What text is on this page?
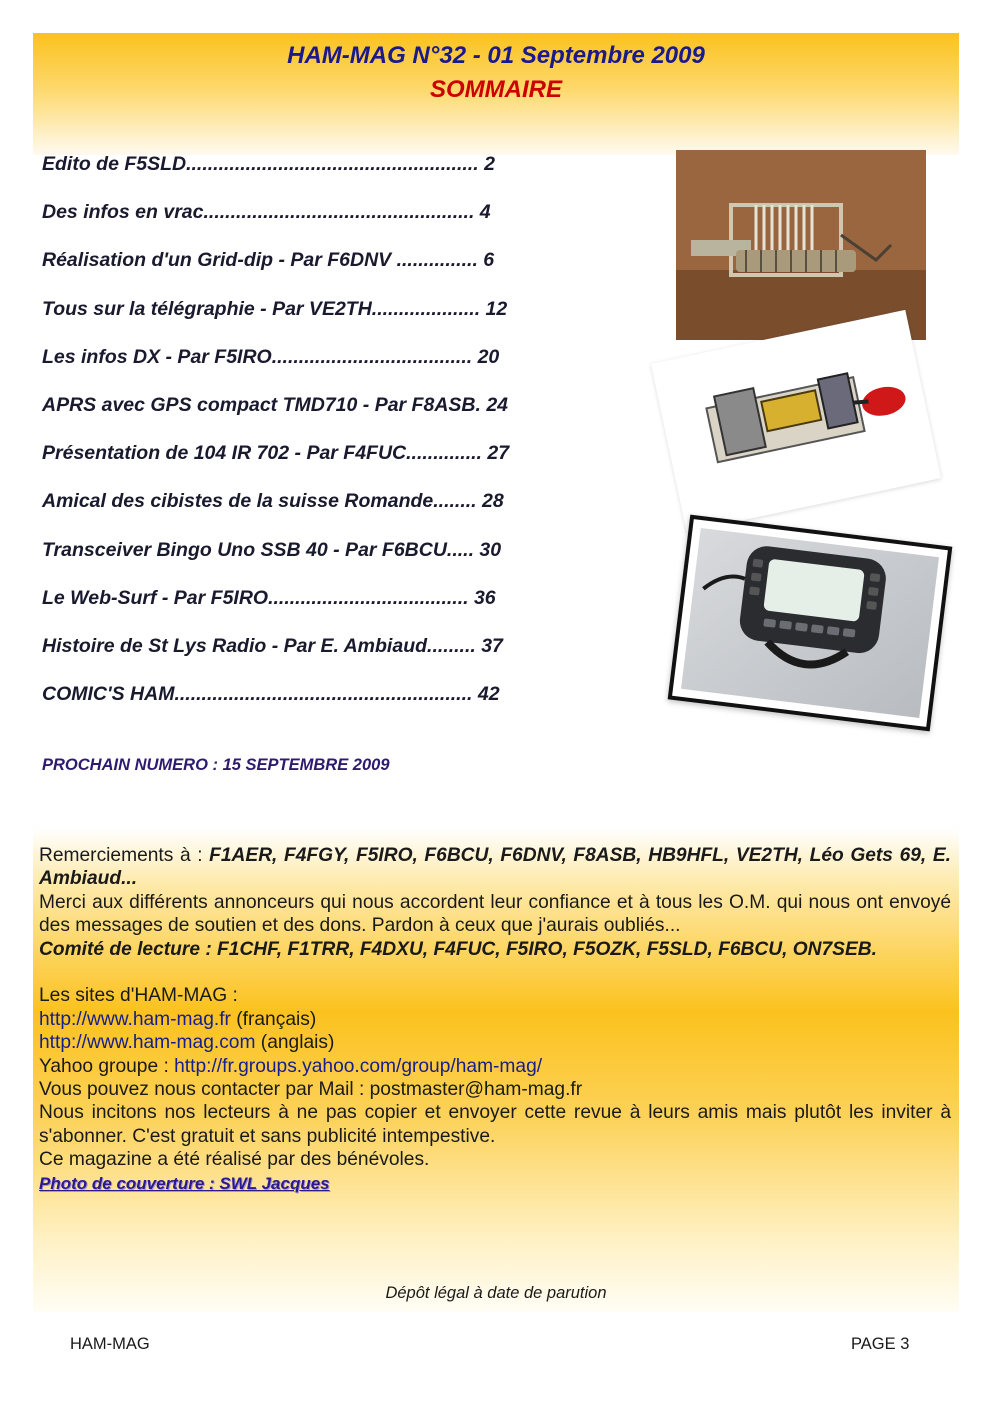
HAM-MAG N°32 - 01 Septembre 2009
SOMMAIRE
Edito de F5SLD...................................................... 2
Des infos en vrac.................................................. 4
Réalisation d'un Grid-dip - Par F6DNV ............... 6
Tous sur la télégraphie - Par VE2TH.................... 12
Les infos DX - Par F5IRO..................................... 20
APRS avec GPS compact TMD710 - Par F8ASB. 24
Présentation de 104 IR 702 - Par F4FUC.............. 27
Amical des cibistes de la suisse Romande........ 28
Transceiver Bingo Uno SSB 40 - Par F6BCU..... 30
Le Web-Surf - Par F5IRO..................................... 36
Histoire de St Lys Radio - Par E. Ambiaud......... 37
COMIC'S HAM....................................................... 42
PROCHAIN NUMERO : 15 SEPTEMBRE 2009

Remerciements à : F1AER, F4FGY, F5IRO, F6BCU, F6DNV, F8ASB, HB9HFL, VE2TH, Léo Gets 69, E. Ambiaud...

Merci aux différents annonceurs qui nous accordent leur confiance et à tous les O.M. qui nous ont envoyé des messages de soutien et des dons. Pardon à ceux que j'aurais oubliés...

Comité de lecture : F1CHF, F1TRR, F4DXU, F4FUC, F5IRO, F5OZK, F5SLD, F6BCU, ON7SEB.

Les sites d'HAM-MAG :

http://www.ham-mag.fr (français)

http://www.ham-mag.com (anglais)

Yahoo groupe : http://fr.groups.yahoo.com/group/ham-mag/

Vous pouvez nous contacter par Mail : postmaster@ham-mag.fr

Nous incitons nos lecteurs à ne pas copier et envoyer cette revue à leurs amis mais plutôt les inviter à s'abonner. C'est gratuit et sans publicité intempestive.

Ce magazine a été réalisé par des bénévoles.

Photo de couverture : SWL Jacques

Dépôt légal à date de parution
HAM-MAG	PAGE 3
